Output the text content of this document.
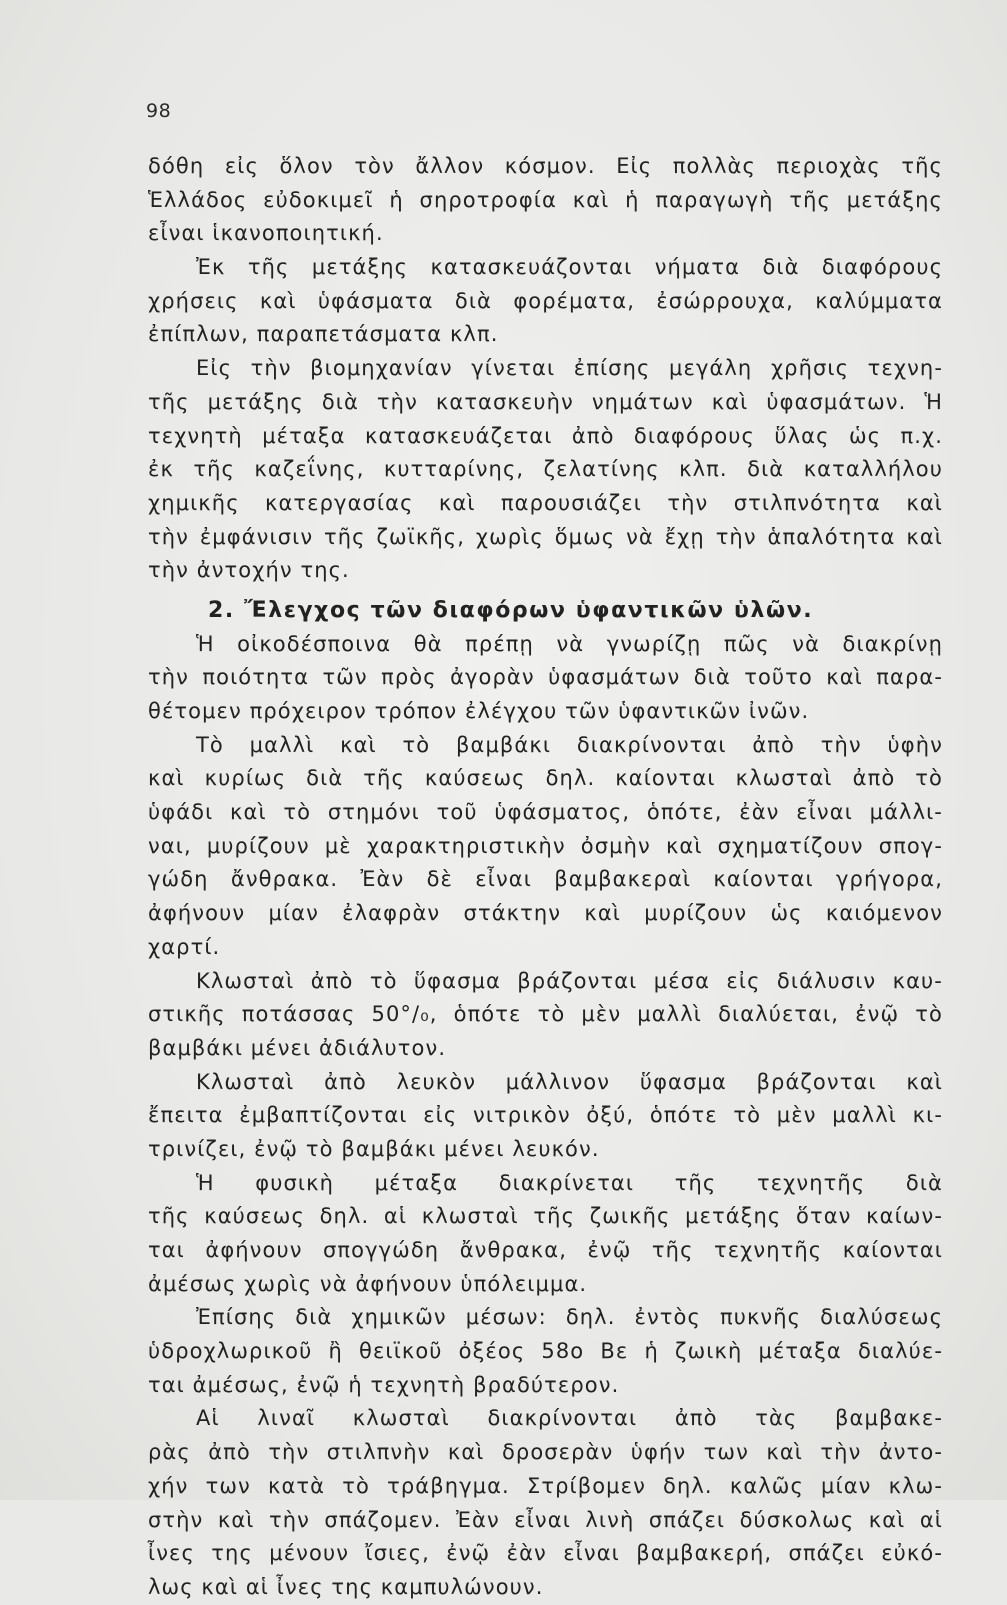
98
δόθη εἰς ὅλον τὸν ἄλλον κόσμον. Εἰς πολλὰς περιοχὰς τῆς
Ἑλλάδος εὐδοκιμεῖ ἡ σηροτροφία καὶ ἡ παραγωγὴ τῆς μετάξης
εἶναι ἱκανοποιητική.
Ἐκ τῆς μετάξης κατασκευάζονται νήματα διὰ διαφόρους
χρήσεις καὶ ὑφάσματα διὰ φορέματα, ἐσώρρουχα, καλύμματα
ἐπίπλων, παραπετάσματα κλπ.
Εἰς τὴν βιομηχανίαν γίνεται ἐπίσης μεγάλη χρῆσις τεχνη-
τῆς μετάξης διὰ τὴν κατασκευὴν νημάτων καὶ ὑφασμάτων. Ἡ
τεχνητὴ μέταξα κατασκευάζεται ἀπὸ διαφόρους ὕλας ὡς π.χ.
ἐκ τῆς καζεΐνης, κυτταρίνης, ζελατίνης κλπ. διὰ καταλλήλου
χημικῆς κατεργασίας καὶ παρουσιάζει τὴν στιλπνότητα καὶ
τὴν ἐμφάνισιν τῆς ζωϊκῆς, χωρὶς ὅμως νὰ ἔχῃ τὴν ἁπαλότητα καὶ
τὴν ἀντοχήν της.
2. Ἔλεγχος τῶν διαφόρων ὑφαντικῶν ὑλῶν.
Ἡ οἰκοδέσποινα θὰ πρέπῃ νὰ γνωρίζῃ πῶς νὰ διακρίνῃ
τὴν ποιότητα τῶν πρὸς ἀγορὰν ὑφασμάτων διὰ τοῦτο καὶ παρα-
θέτομεν πρόχειρον τρόπον ἐλέγχου τῶν ὑφαντικῶν ἰνῶν.
Τὸ μαλλὶ καὶ τὸ βαμβάκι διακρίνονται ἀπὸ τὴν ὑφὴν
καὶ κυρίως διὰ τῆς καύσεως δηλ. καίονται κλωσταὶ ἀπὸ τὸ
ὑφάδι καὶ τὸ στημόνι τοῦ ὑφάσματος, ὁπότε, ἐὰν εἶναι μάλλι-
ναι, μυρίζουν μὲ χαρακτηριστικὴν ὀσμὴν καὶ σχηματίζουν σπογ-
γώδη ἄνθρακα. Ἐὰν δὲ εἶναι βαμβακεραὶ καίονται γρήγορα,
ἀφήνουν μίαν ἐλαφρὰν στάκτην καὶ μυρίζουν ὡς καιόμενον
χαρτί.
Κλωσταὶ ἀπὸ τὸ ὕφασμα βράζονται μέσα εἰς διάλυσιν καυ-
στικῆς ποτάσσας 50°/₀, ὁπότε τὸ μὲν μαλλὶ διαλύεται, ἐνῷ τὸ
βαμβάκι μένει ἀδιάλυτον.
Κλωσταὶ ἀπὸ λευκὸν μάλλινον ὕφασμα βράζονται καὶ
ἔπειτα ἐμβαπτίζονται εἰς νιτρικὸν ὀξύ, ὁπότε τὸ μὲν μαλλὶ κι-
τρινίζει, ἐνῷ τὸ βαμβάκι μένει λευκόν.
Ἡ φυσικὴ μέταξα διακρίνεται τῆς τεχνητῆς διὰ
τῆς καύσεως δηλ. αἱ κλωσταὶ τῆς ζωικῆς μετάξης ὅταν καίων-
ται ἀφήνουν σπογγώδη ἄνθρακα, ἐνῷ τῆς τεχνητῆς καίονται
ἀμέσως χωρὶς νὰ ἀφήνουν ὑπόλειμμα.
Ἐπίσης διὰ χημικῶν μέσων: δηλ. ἐντὸς πυκνῆς διαλύσεως
ὑδροχλωρικοῦ ἢ θειϊκοῦ ὀξέος 58ο Βε ἡ ζωικὴ μέταξα διαλύε-
ται ἀμέσως, ἐνῷ ἡ τεχνητὴ βραδύτερον.
Αἱ λιναῖ κλωσταὶ διακρίνονται ἀπὸ τὰς βαμβακε-
ρὰς ἀπὸ τὴν στιλπνὴν καὶ δροσερὰν ὑφήν των καὶ τὴν ἀντο-
χήν των κατὰ τὸ τράβηγμα. Στρίβομεν δηλ. καλῶς μίαν κλω-
στὴν καὶ τὴν σπάζομεν. Ἐὰν εἶναι λινὴ σπάζει δύσκολως καὶ αἱ
ἶνες της μένουν ἴσιες, ἐνῷ ἐὰν εἶναι βαμβακερή, σπάζει εὐκό-
λως καὶ αἱ ἶνες της καμπυλώνουν.
